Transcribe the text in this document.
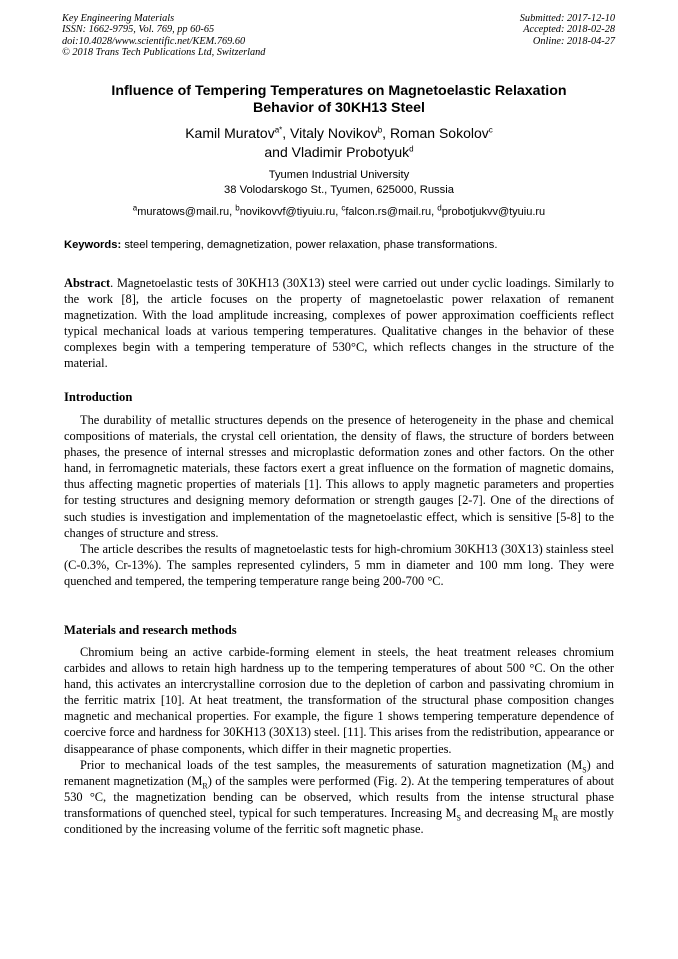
Key Engineering Materials
ISSN: 1662-9795, Vol. 769, pp 60-65
doi:10.4028/www.scientific.net/KEM.769.60
© 2018 Trans Tech Publications Ltd, Switzerland
Submitted: 2017-12-10
Accepted: 2018-02-28
Online: 2018-04-27
Influence of Tempering Temperatures on Magnetoelastic Relaxation
Behavior of 30KH13 Steel
Kamil Muratov$^{a*}$, Vitaly Novikov$^b$, Roman Sokolov$^c$
and Vladimir Probotyuk$^d$
Tyumen Industrial University
38 Volodarskogo St., Tyumen, 625000, Russia
$^a$muratows@mail.ru, $^b$novikovvf@tiyuiu.ru, $^c$falcon.rs@mail.ru, $^d$probotjukvv@tyuiu.ru
Keywords: steel tempering, demagnetization, power relaxation, phase transformations.

Abstract. Magnetoelastic tests of 30KH13 (30X13) steel were carried out under cyclic loadings. Similarly to the work [8], the article focuses on the property of magnetoelastic power relaxation of remanent magnetization. With the load amplitude increasing, complexes of power approximation coefficients reflect typical mechanical loads at various tempering temperatures. Qualitative changes in the behavior of these complexes begin with a tempering temperature of 530°C, which reflects changes in the structure of the material.

Introduction

The durability of metallic structures depends on the presence of heterogeneity in the phase and chemical compositions of materials, the crystal cell orientation, the density of flaws, the structure of borders between phases, the presence of internal stresses and microplastic deformation zones and other factors. On the other hand, in ferromagnetic materials, these factors exert a great influence on the formation of magnetic domains, thus affecting magnetic properties of materials [1]. This allows to apply magnetic parameters and properties for testing structures and designing memory deformation or strength gauges [2-7]. One of the directions of such studies is investigation and implementation of the magnetoelastic effect, which is sensitive [5-8] to the changes of structure and stress.

The article describes the results of magnetoelastic tests for high-chromium 30KH13 (30X13) stainless steel (C-0.3%, Cr-13%). The samples represented cylinders, 5 mm in diameter and 100 mm long. They were quenched and tempered, the tempering temperature range being 200-700 °C.

Materials and research methods

Chromium being an active carbide-forming element in steels, the heat treatment releases chromium carbides and allows to retain high hardness up to the tempering temperatures of about 500 °C. On the other hand, this activates an intercrystalline corrosion due to the depletion of carbon and passivating chromium in the ferritic matrix [10]. At heat treatment, the transformation of the structural phase composition changes magnetic and mechanical properties. For example, the figure 1 shows tempering temperature dependence of coercive force and hardness for 30KH13 (30X13) steel. [11]. This arises from the redistribution, appearance or disappearance of phase components, which differ in their magnetic properties.

Prior to mechanical loads of the test samples, the measurements of saturation magnetization $(M_S)$ and remanent magnetization $(M_R)$ of the samples were performed (Fig. 2). At the tempering temperatures of about 530 °C, the magnetization bending can be observed, which results from the intense structural phase transformations of quenched steel, typical for such temperatures. Increasing $M_S$ and decreasing $M_R$ are mostly conditioned by the increasing volume of the ferritic soft magnetic phase.
